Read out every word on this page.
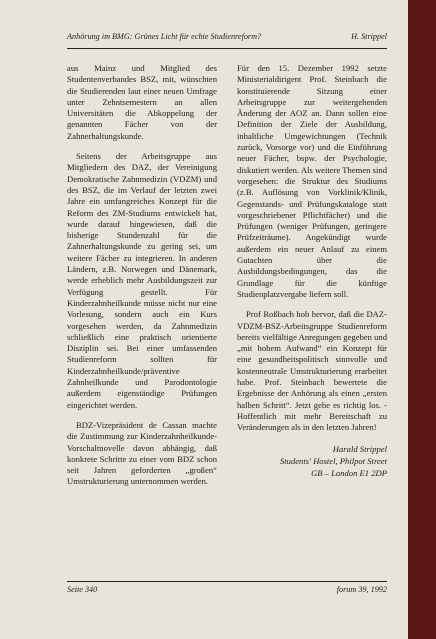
Anhörung im BMG: Grünes Licht für echte Studienreform?	H. Strippel

aus Mainz und Mitglied des Studentenverbandes BSZ, mit, wünschten die Studierenden laut einer neuen Umfrage unter Zehntsemestern an allen Universitäten die Abkoppelung der genannten Fächer von der Zahnerhaltungskunde.

Seitens der Arbeitsgruppe aus Mitgliedern des DAZ, der Vereinigung Demokratische Zahnmedizin (VDZM) und des BSZ, die im Verlauf der letzten zwei Jahre ein umfangreiches Konzept für die Reform des ZM-Studiums entwickelt hat, wurde darauf hingewiesen, daß die bisherige Stundenzahl für die Zahnerhaltungskunde zu gering sei, um weitere Fächer zu integrieren. In anderen Ländern, z.B. Norwegen und Dänemark, werde erheblich mehr Ausbildungszeit zur Verfügung gestellt. Für Kinderzahnheilkunde müsse nicht nur eine Vorlesung, sondern auch ein Kurs vorgesehen werden, da Zahnmedizin schließlich eine praktisch orientierte Disziplin sei. Bei einer umfassenden Studienreform sollten für Kinderzahnheilkunde/präventive Zahnheilkunde und Parodontologie außerdem eigenständige Prüfungen eingerichtet werden.

BDZ-Vizepräsident de Cassan machte die Zustimmung zur Kinderzahnheilkunde-Vorschaltnovelle davon abhängig, daß konkrete Schritte zu einer vom BDZ schon seit Jahren geforderten „großen“ Umstrukturierung unternommen werden.

Für den 15. Dezember 1992 setzte Ministerialdirigent Prof. Steinbach die konstituierende Sitzung einer Arbeitsgruppe zur weitergehenden Änderung der AOZ an. Dann sollen eine Definition der Ziele der Ausbildung, inhaltliche Umgewichtungen (Technik zurück, Vorsorge vor) und die Einführung neuer Fächer, bspw. der Psychologie, diskutiert werden. Als weitere Themen sind vorgesehen: die Struktur des Studiums (z.B. Auflösung von Vorklinik/Klinik, Gegenstands- und Prüfungskataloge statt vorgeschriebener Pflichtfächer) und die Prüfungen (weniger Prüfungen, geringere Prüfzeiträume). Angekündigt wurde außerdem ein neuer Anlauf zu einem Gutachten über die Ausbildungsbedingungen, das die Grundlage für die künftige Studienplatzvergabe liefern soll.

Prof Roßbach hob hervor, daß die DAZ-VDZM-BSZ-Arbeitsgruppe Studienreform bereits vielfältige Anregungen gegeben und „mit hohem Aufwand“ ein Konzept für eine gesundheitspolitisch sinnvolle und kostenneutrale Umstrukturierung erarbeitet habe. Prof. Steinbach bewertete die Ergebnisse der Anhörung als einen „ersten halben Schritt“. Jetzt gehe es richtig los. - Hoffentlich mit mehr Bereitschaft zu Veränderungen als in den letzten Jahren!

Harald Strippel
Students' Hostel, Philpot Street
GB – London E1 2DP

Seite 340	forum 39, 1992
